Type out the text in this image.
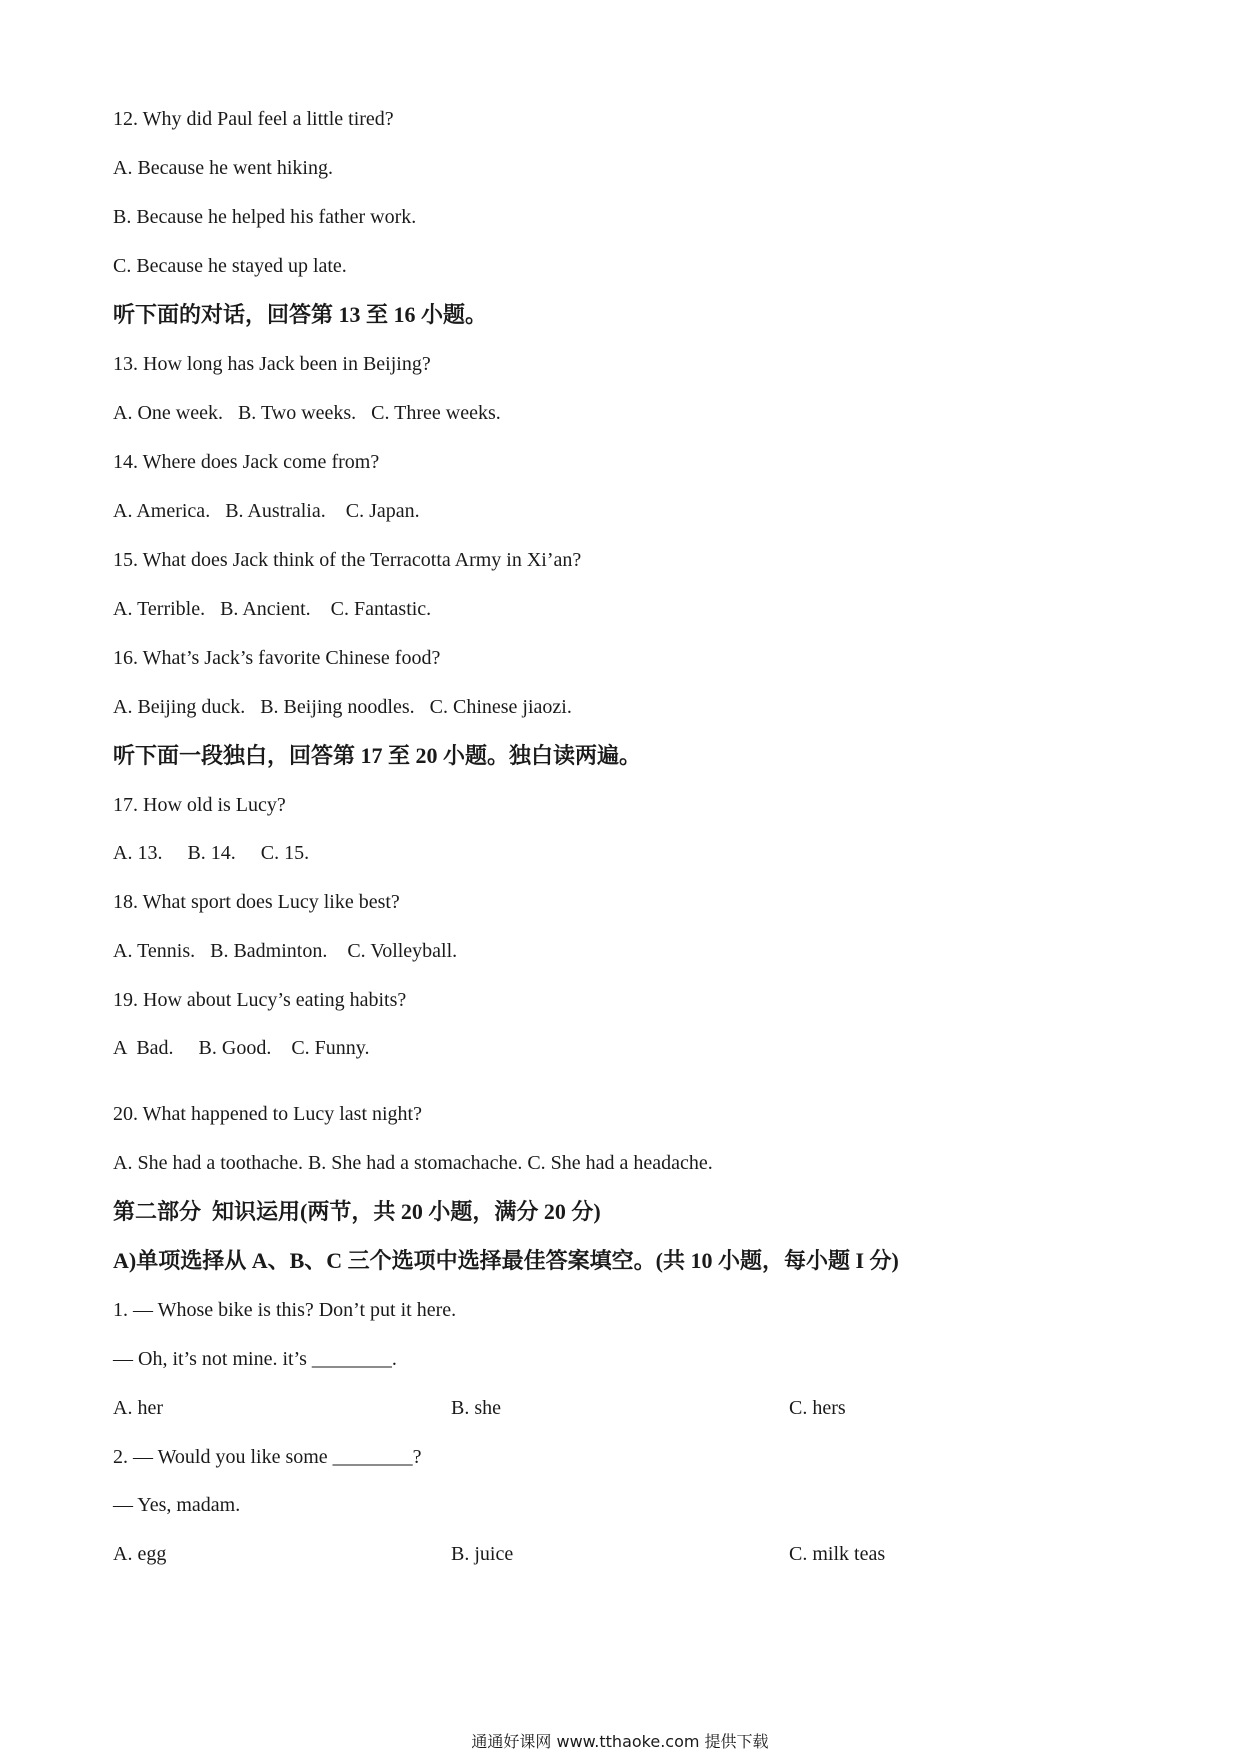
12. Why did Paul feel a little tired?
A. Because he went hiking.
B. Because he helped his father work.
C. Because he stayed up late.
听下面的对话，回答第 13 至 16 小题。
13. How long has Jack been in Beijing?
A. One week.   B. Two weeks.   C. Three weeks.
14. Where does Jack come from?
A. America.   B. Australia.    C. Japan.
15. What does Jack think of the Terracotta Army in Xi’an?
A. Terrible.   B. Ancient.    C. Fantastic.
16. What’s Jack’s favorite Chinese food?
A. Beijing duck.   B. Beijing noodles.   C. Chinese jiaozi.
听下面一段独白，回答第 17 至 20 小题。独白读两遍。
17. How old is Lucy?
A. 13.     B. 14.     C. 15.
18. What sport does Lucy like best?
A. Tennis.   B. Badminton.    C. Volleyball.
19. How about Lucy’s eating habits?
A  Bad.     B. Good.    C. Funny.
20. What happened to Lucy last night?
A. She had a toothache. B. She had a stomachache. C. She had a headache.
第二部分  知识运用(两节，共 20 小题，满分 20 分)
A)单项选择从 A、B、C 三个选项中选择最佳答案填空。(共 10 小题，每小题 I 分)
1. — Whose bike is this? Don’t put it here.
— Oh, it’s not mine. it’s ________.
A. her	B. she	C. hers
2. — Would you like some ________?
— Yes, madam.
A. egg	B. juice	C. milk teas
通通好课网 www.tthaoke.com 提供下载
